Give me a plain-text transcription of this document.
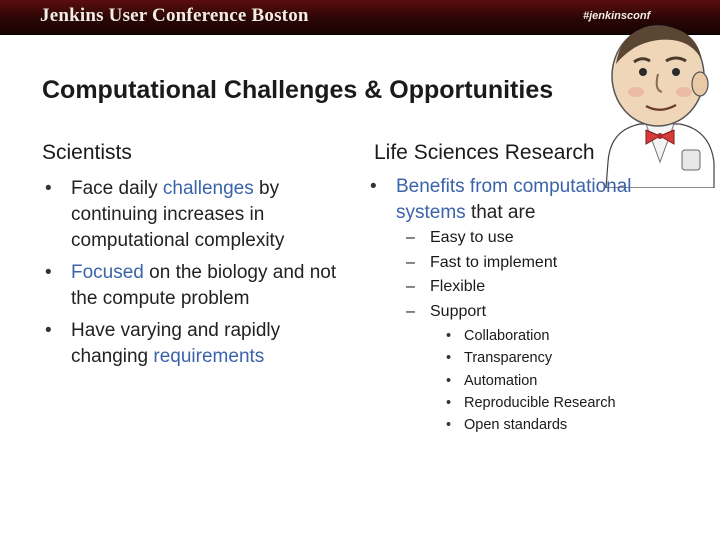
Jenkins User Conference Boston	#jenkinsconf
Computational Challenges & Opportunities
Scientists	Life Sciences Research
• Face daily challenges by continuing increases in computational complexity
• Focused on the biology and not the compute problem
• Have varying and rapidly changing requirements
• Benefits from computational systems that are
– Easy to use
– Fast to implement
– Flexible
– Support
• Collaboration
• Transparency
• Automation
• Reproducible Research
• Open standards
